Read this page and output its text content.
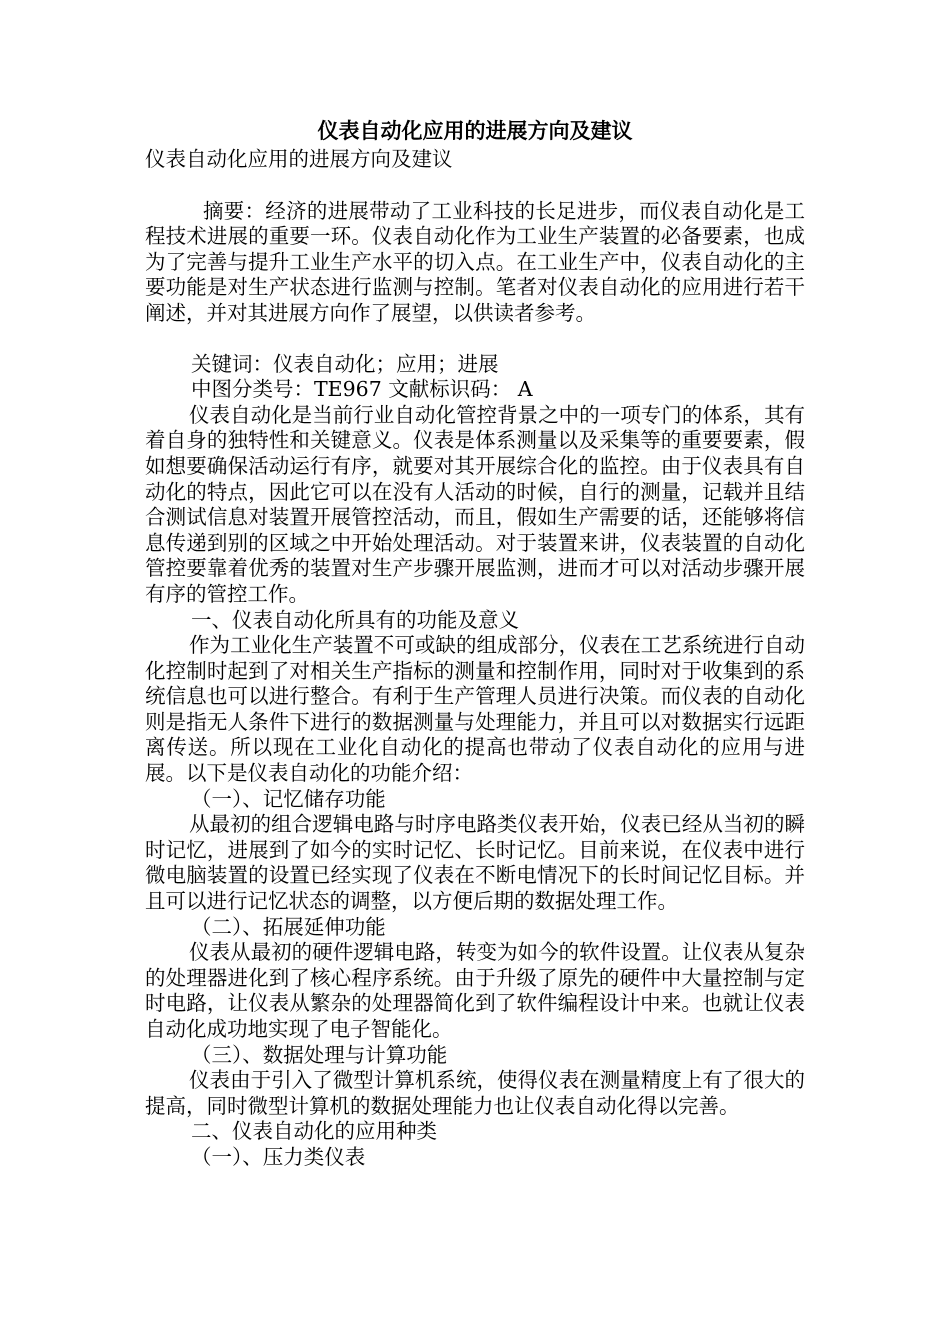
仪表自动化应用的进展方向及建议
仪表自动化应用的进展方向及建议

摘要：经济的进展带动了工业科技的长足进步，而仪表自动化是工程技术进展的重要一环。仪表自动化作为工业生产装置的必备要素，也成为了完善与提升工业生产水平的切入点。在工业生产中，仪表自动化的主要功能是对生产状态进行监测与控制。笔者对仪表自动化的应用进行若干阐述，并对其进展方向作了展望，以供读者参考。

关键词：仪表自动化；应用；进展

中图分类号：TE967 文献标识码： A

仪表自动化是当前行业自动化管控背景之中的一项专门的体系，其有着自身的独特性和关键意义。仪表是体系测量以及采集等的重要要素，假如想要确保活动运行有序，就要对其开展综合化的监控。由于仪表具有自动化的特点，因此它可以在没有人活动的时候，自行的测量，记载并且结合测试信息对装置开展管控活动，而且，假如生产需要的话，还能够将信息传递到别的区域之中开始处理活动。对于装置来讲，仪表装置的自动化管控要靠着优秀的装置对生产步骤开展监测，进而才可以对活动步骤开展有序的管控工作。

一、仪表自动化所具有的功能及意义

作为工业化生产装置不可或缺的组成部分，仪表在工艺系统进行自动化控制时起到了对相关生产指标的测量和控制作用，同时对于收集到的系统信息也可以进行整合。有利于生产管理人员进行决策。而仪表的自动化则是指无人条件下进行的数据测量与处理能力，并且可以对数据实行远距离传送。所以现在工业化自动化的提高也带动了仪表自动化的应用与进展。以下是仪表自动化的功能介绍：

（一）、记忆储存功能

从最初的组合逻辑电路与时序电路类仪表开始，仪表已经从当初的瞬时记忆，进展到了如今的实时记忆、长时记忆。目前来说，在仪表中进行微电脑装置的设置已经实现了仪表在不断电情况下的长时间记忆目标。并且可以进行记忆状态的调整，以方便后期的数据处理工作。

（二）、拓展延伸功能

仪表从最初的硬件逻辑电路，转变为如今的软件设置。让仪表从复杂的处理器进化到了核心程序系统。由于升级了原先的硬件中大量控制与定时电路，让仪表从繁杂的处理器简化到了软件编程设计中来。也就让仪表自动化成功地实现了电子智能化。

（三）、数据处理与计算功能

仪表由于引入了微型计算机系统，使得仪表在测量精度上有了很大的提高，同时微型计算机的数据处理能力也让仪表自动化得以完善。

二、仪表自动化的应用种类

（一）、压力类仪表
